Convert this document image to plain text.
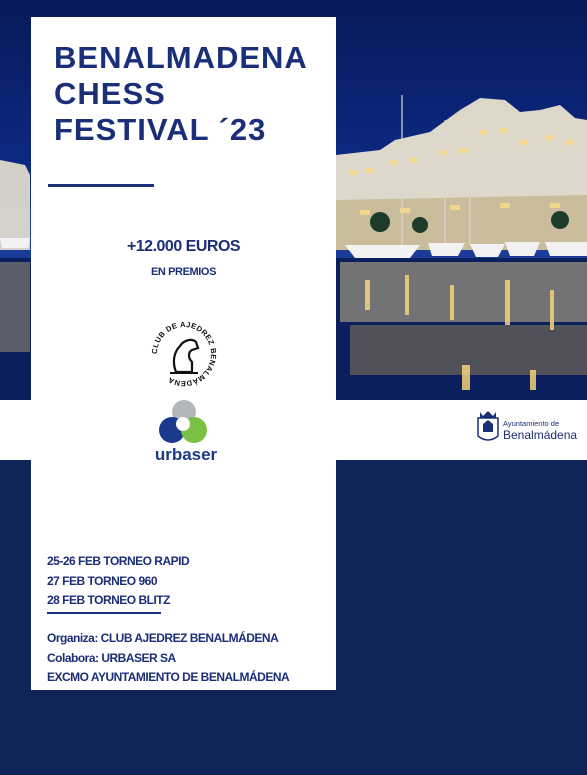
Ayuntamiento de
Benalmádena
BENALMADENA
CHESS
FESTIVAL ´23
+12.000 EUROS
EN PREMIOS
CLUB DE AJEDREZ BENALMÁDENA
urbaser
25-26 FEB TORNEO RAPID
27 FEB TORNEO 960
28 FEB TORNEO BLITZ
Organiza: CLUB AJEDREZ BENALMÁDENA
Colabora: URBASER SA
EXCMO AYUNTAMIENTO DE BENALMÁDENA
